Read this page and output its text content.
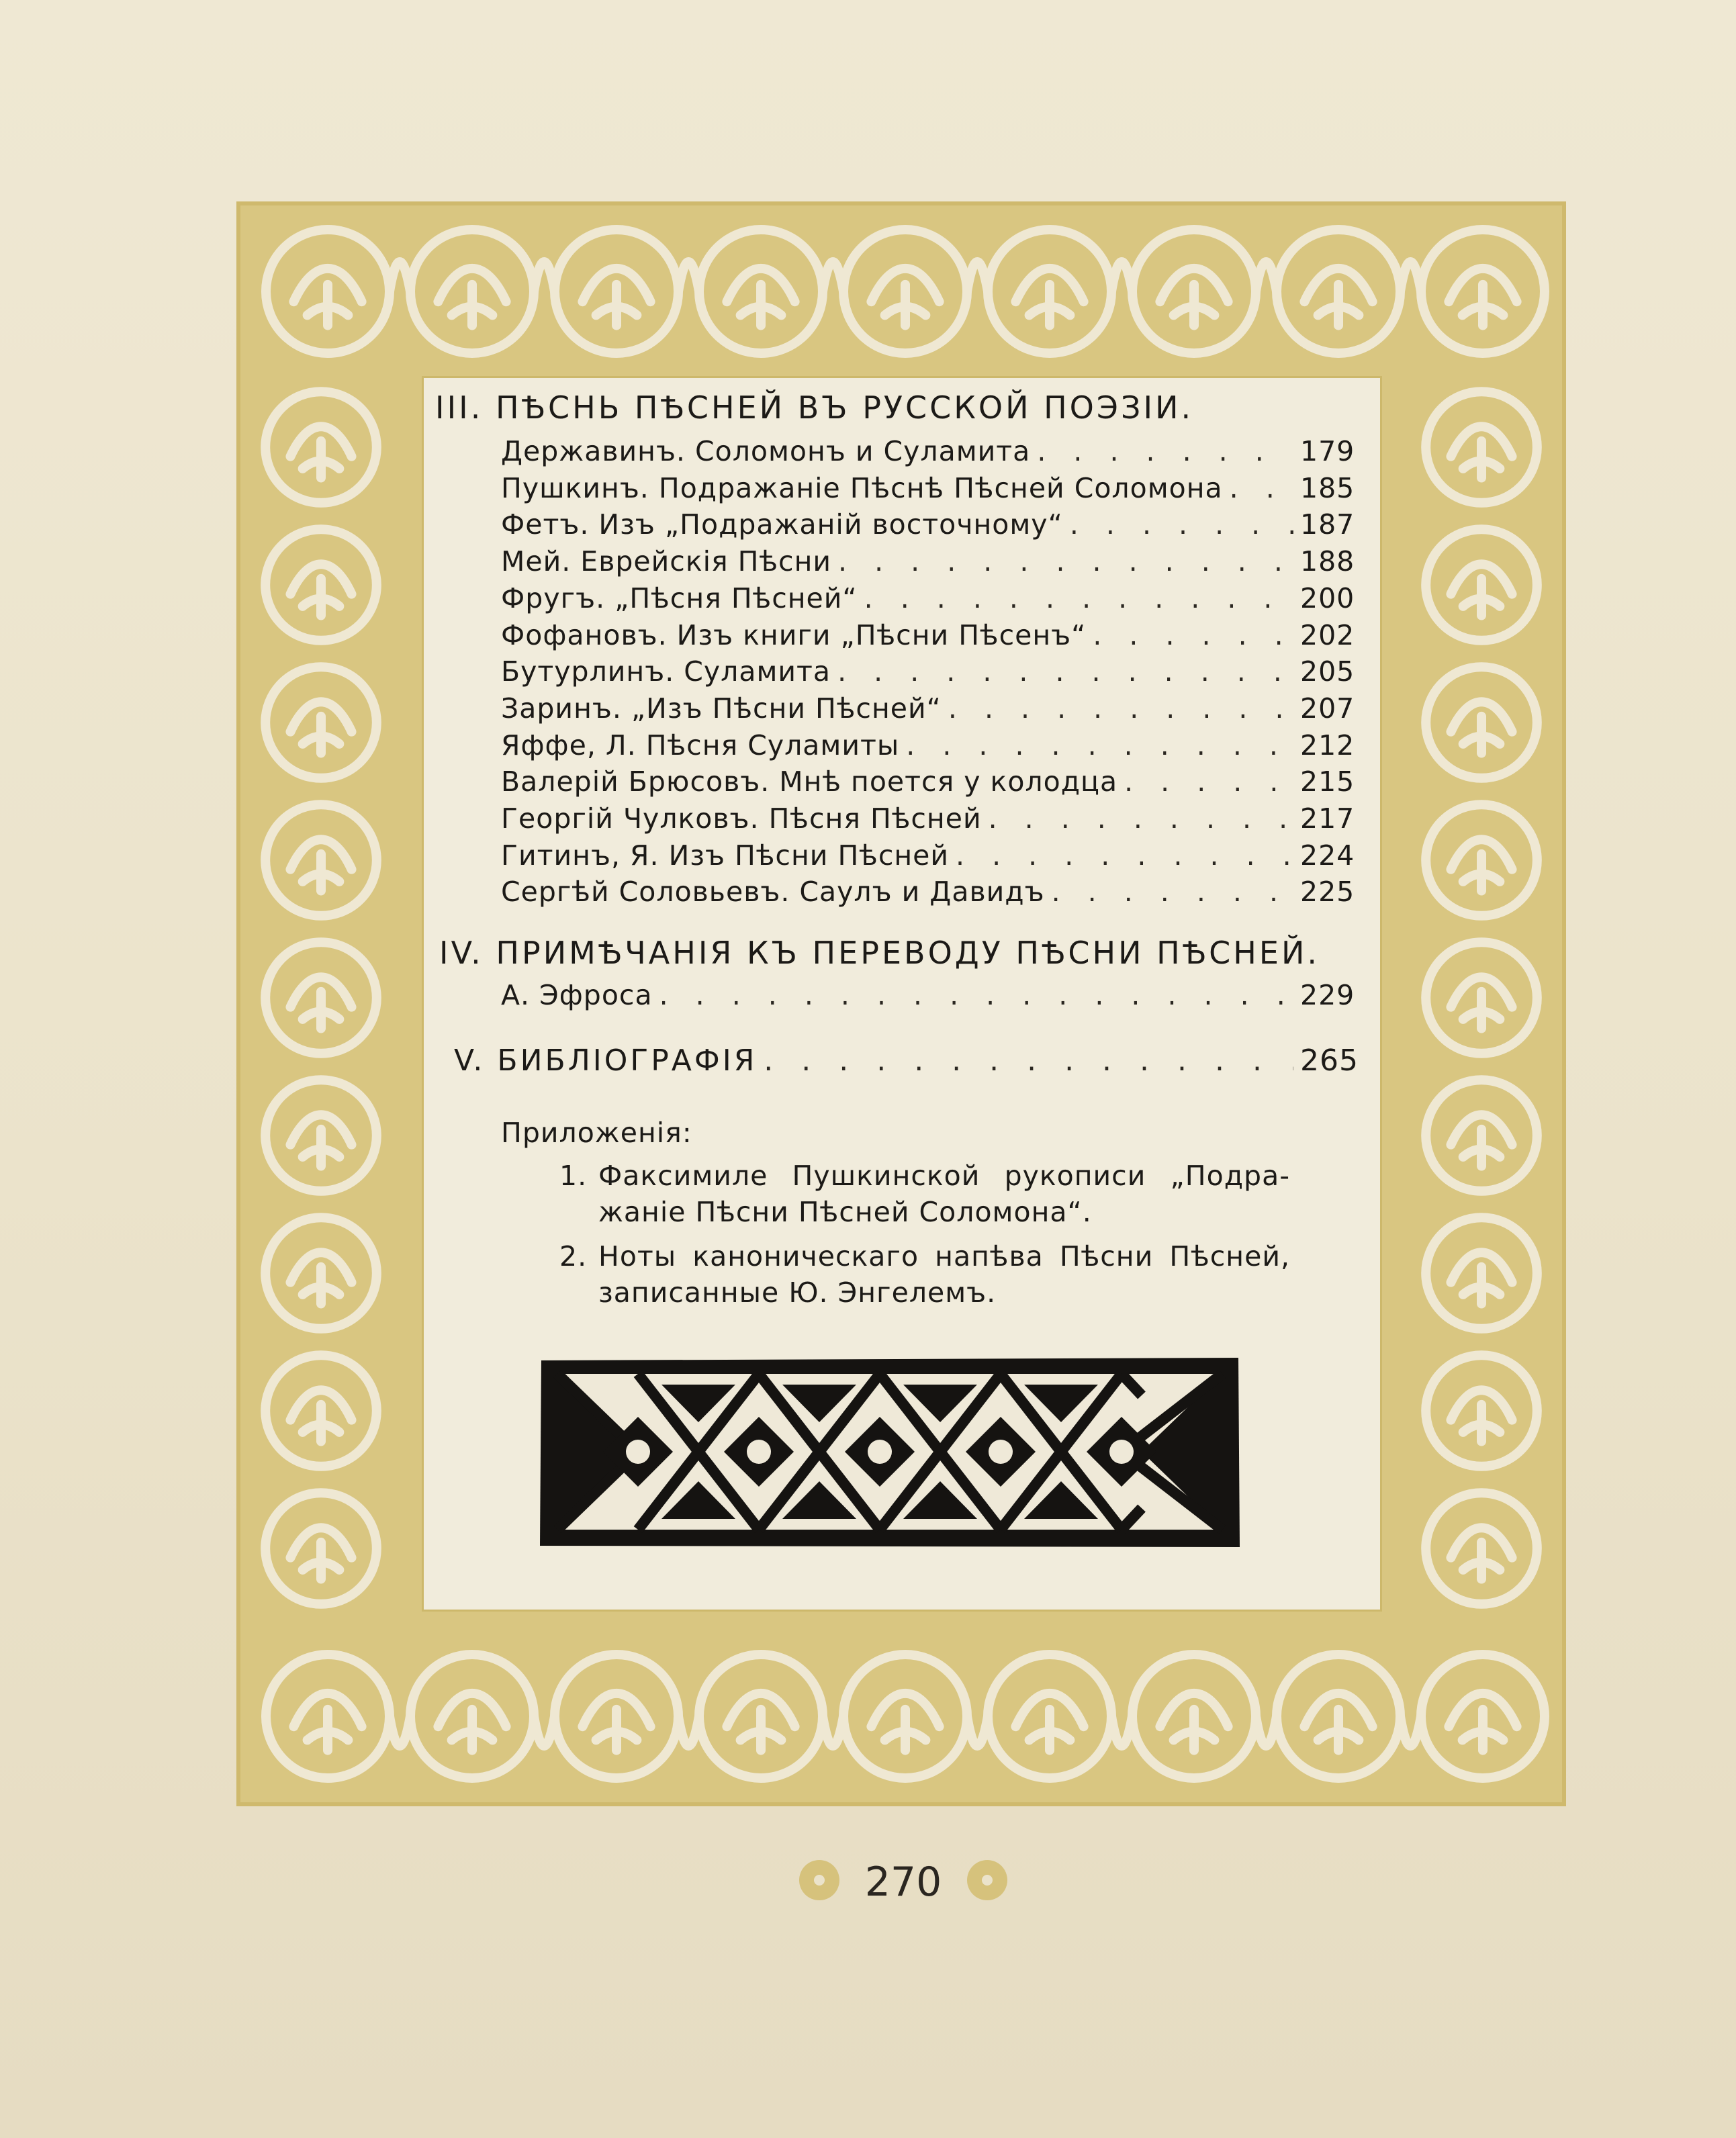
III. ПѢСНЬ ПѢСНЕЙ ВЪ РУССКОЙ ПОЭЗІИ.
Державинъ. Соломонъ и Суламита . . .	179
Пушкинъ. Подражаніе Пѣснѣ Пѣсней Соломона . . .	185
Фетъ. Изъ „Подражаній восточному“ . . .	187
Мей. Еврейскія Пѣсни . . .	188
Фругъ. „Пѣсня Пѣсней“ . . .	200
Фофановъ. Изъ книги „Пѣсни Пѣсенъ“ . . .	202
Бутурлинъ. Суламита . . .	205
Заринъ. „Изъ Пѣсни Пѣсней“ . . .	207
Яффе, Л. Пѣсня Суламиты . . .	212
Валерій Брюсовъ. Мнѣ поется у колодца . . .	215
Георгій Чулковъ. Пѣсня Пѣсней . . .	217
Гитинъ, Я. Изъ Пѣсни Пѣсней . . .	224
Сергѣй Соловьевъ. Саулъ и Давидъ . . .	225
IV. ПРИМѢЧАНІЯ КЪ ПЕРЕВОДУ ПѢСНИ ПѢСНЕЙ.
А. Эфроса . . .	229
V. БИБЛІОГРАФІЯ . . .	265
Приложенія:
1. Факсимиле Пушкинской рукописи „Подра-
жаніе Пѣсни Пѣсней Соломона“.
2. Ноты каноническаго напѣва Пѣсни Пѣсней,
записанные Ю. Энгелемъ.
270
